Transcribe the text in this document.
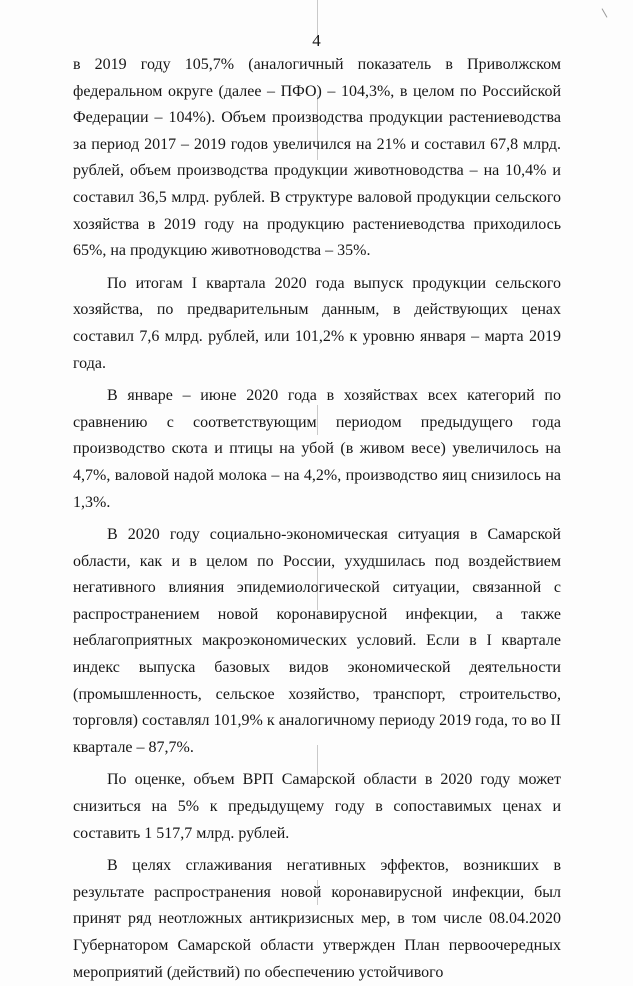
4

в 2019 году 105,7% (аналогичный показатель в Приволжском федеральном округе (далее – ПФО) – 104,3%, в целом по Российской Федерации – 104%). Объем производства продукции растениеводства за период 2017 – 2019 годов увеличился на 21% и составил 67,8 млрд. рублей, объем производства продукции животноводства – на 10,4% и составил 36,5 млрд. рублей. В структуре валовой продукции сельского хозяйства в 2019 году на продукцию растениеводства приходилось 65%, на продукцию животноводства – 35%.

По итогам I квартала 2020 года выпуск продукции сельского хозяйства, по предварительным данным, в действующих ценах составил 7,6 млрд. рублей, или 101,2% к уровню января – марта 2019 года.

В январе – июне 2020 года в хозяйствах всех категорий по сравнению с соответствующим периодом предыдущего года производство скота и птицы на убой (в живом весе) увеличилось на 4,7%, валовой надой молока – на 4,2%, производство яиц снизилось на 1,3%.

В 2020 году социально-экономическая ситуация в Самарской области, как и в целом по России, ухудшилась под воздействием негативного влияния эпидемиологической ситуации, связанной с распространением новой коронавирусной инфекции, а также неблагоприятных макроэкономических условий. Если в I квартале индекс выпуска базовых видов экономической деятельности (промышленность, сельское хозяйство, транспорт, строительство, торговля) составлял 101,9% к аналогичному периоду 2019 года, то во II квартале – 87,7%.

По оценке, объем ВРП Самарской области в 2020 году может снизиться на 5% к предыдущему году в сопоставимых ценах и составить 1 517,7 млрд. рублей.

В целях сглаживания негативных эффектов, возникших в результате распространения новой коронавирусной инфекции, был принят ряд неотложных антикризисных мер, в том числе 08.04.2020 Губернатором Самарской области утвержден План первоочередных мероприятий (действий) по обеспечению устойчивого
